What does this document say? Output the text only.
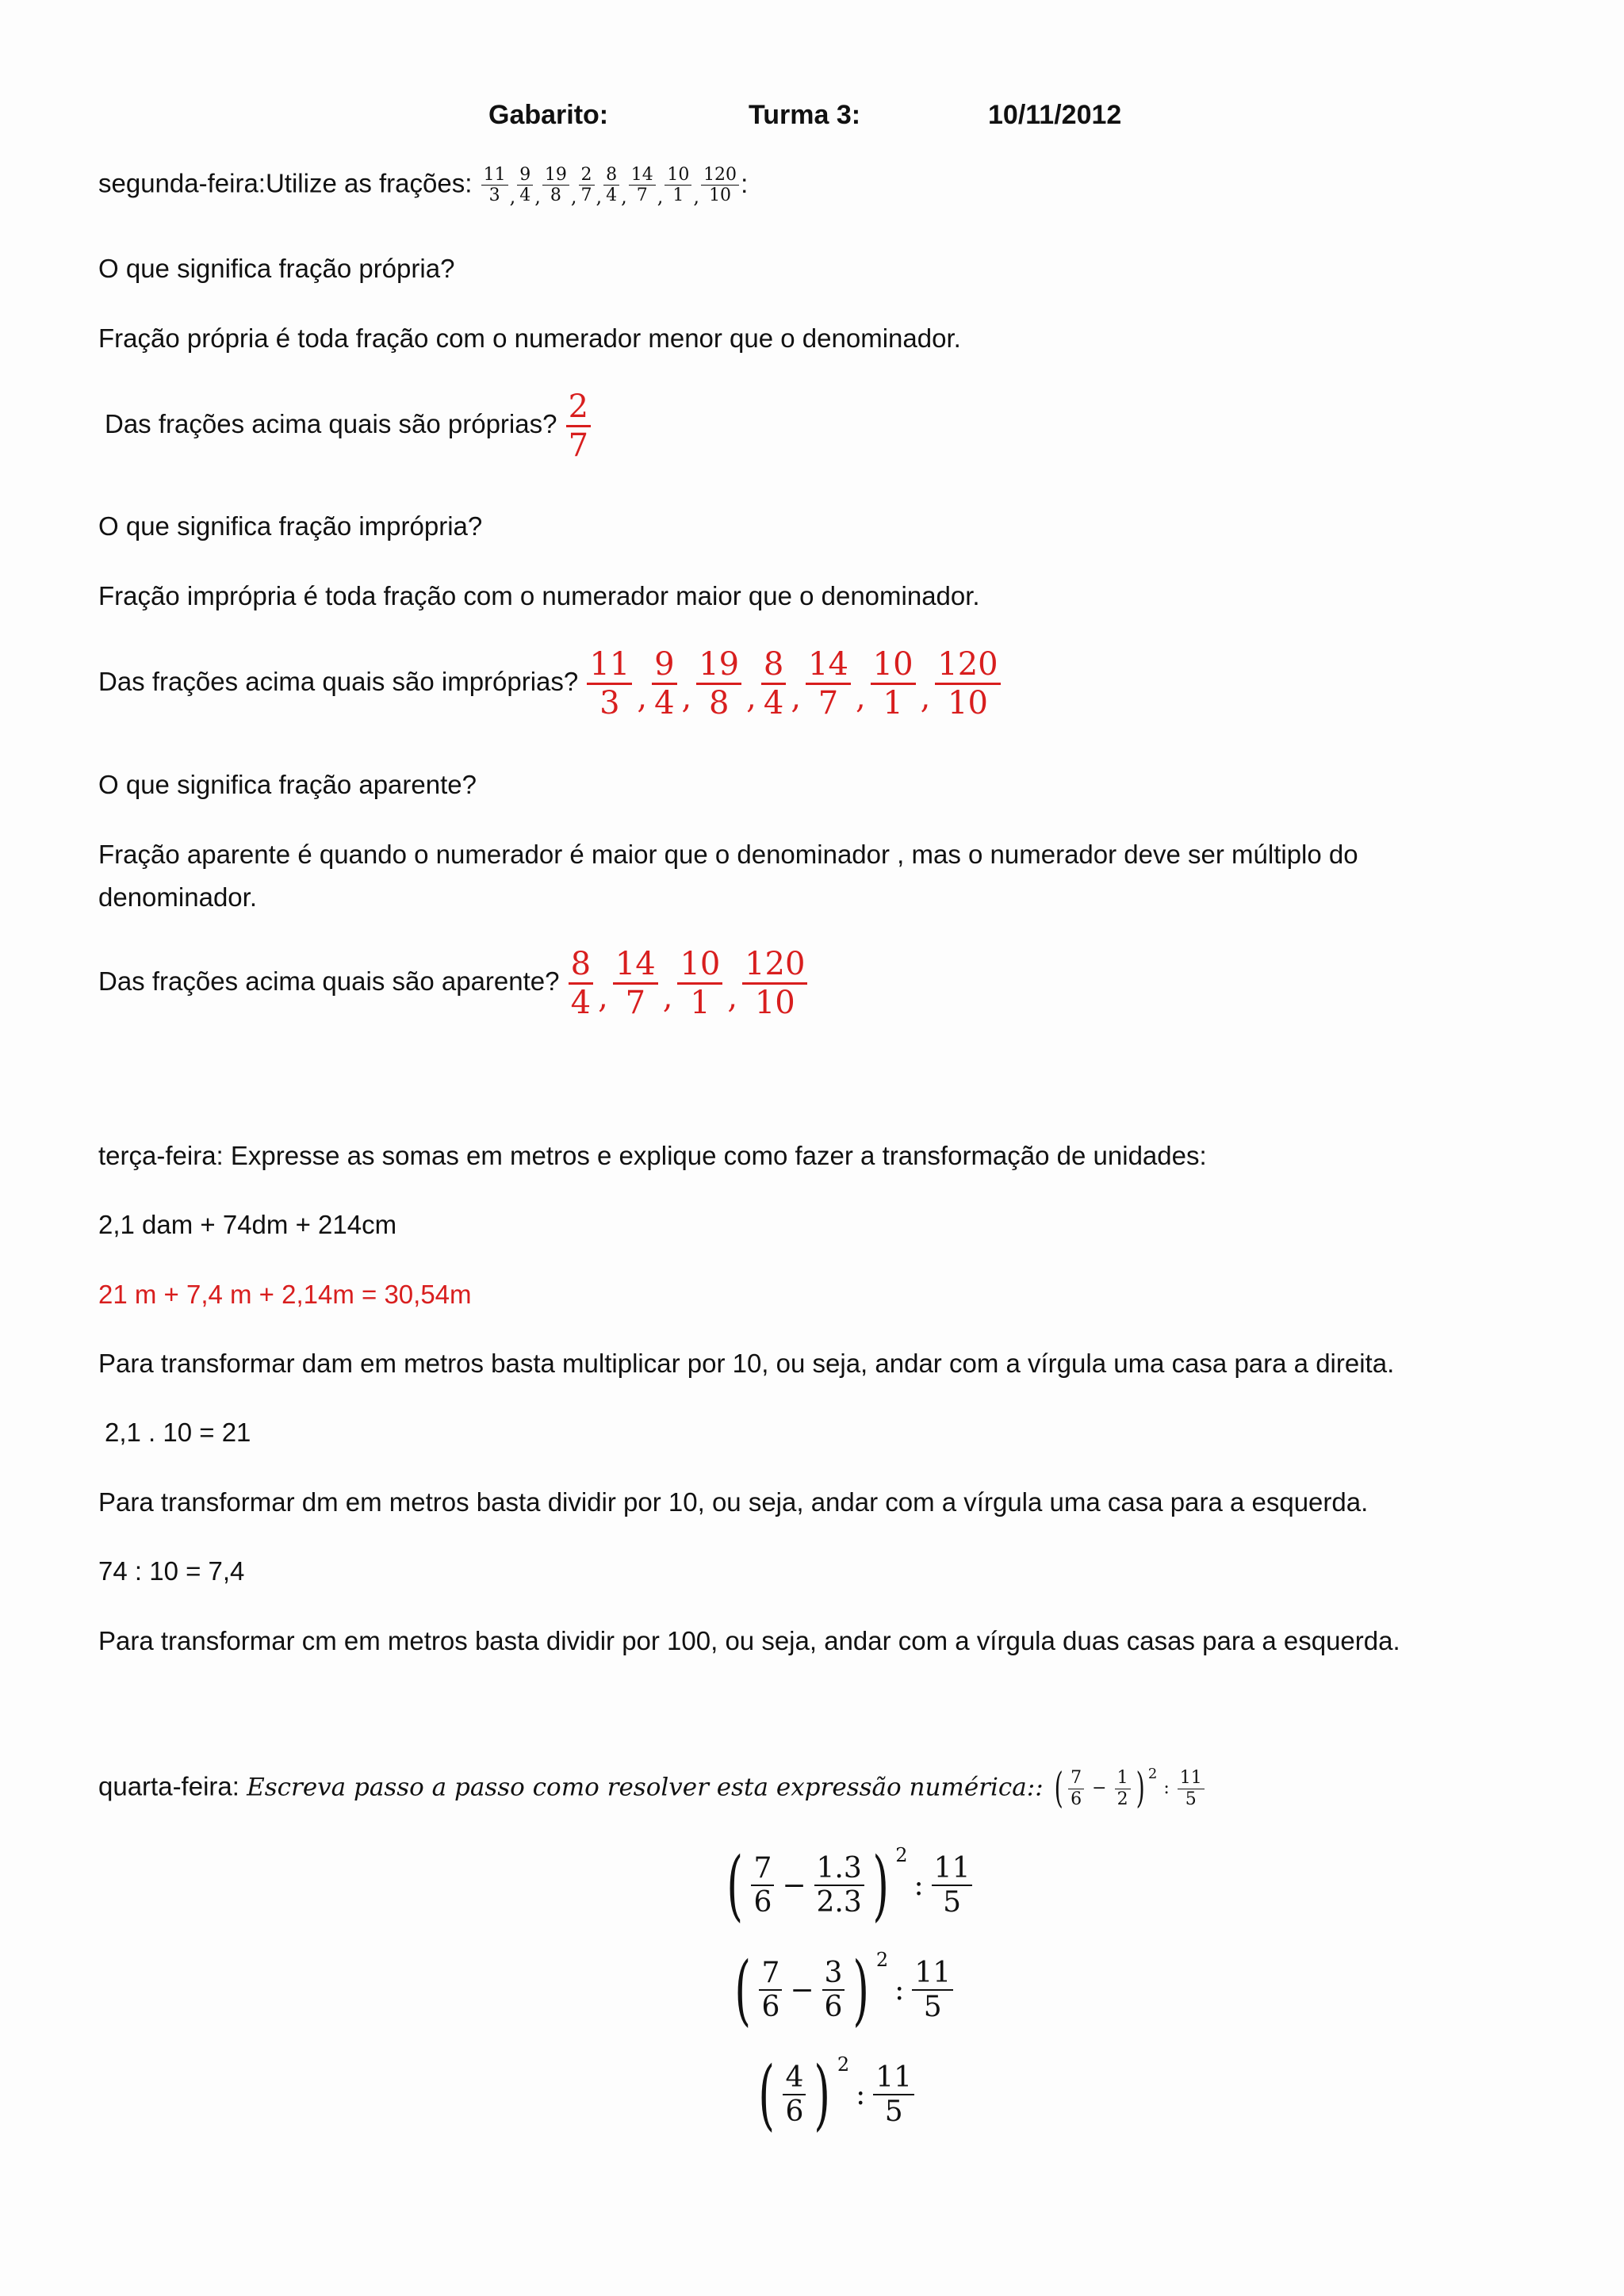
Gabarito:	Turma 3:	10/11/2012
segunda-feira:Utilize as frações: $\frac{11}{3}$ , $\frac{9}{4}$ , $\frac{19}{8}$ , $\frac{2}{7}$ , $\frac{8}{4}$ , $\frac{14}{7}$ , $\frac{10}{1}$ , $\frac{120}{10}$ :
O que significa fração própria?
Fração própria é toda fração com o numerador menor que o denominador.
Das frações acima quais são próprias? $\frac{2}{7}$
O que significa fração imprópria?
Fração imprópria é toda fração com o numerador maior que o denominador.
Das frações acima quais são impróprias? $\frac{11}{3}$ , $\frac{9}{4}$ , $\frac{19}{8}$ , $\frac{8}{4}$ , $\frac{14}{7}$ , $\frac{10}{1}$ , $\frac{120}{10}$
O que significa fração aparente?
Fração aparente é quando o numerador é maior que o denominador , mas o numerador deve ser múltiplo do
denominador.
Das frações acima quais são aparente? $\frac{8}{4}$ , $\frac{14}{7}$ , $\frac{10}{1}$ , $\frac{120}{10}$
terça-feira: Expresse as somas em metros e explique como fazer a transformação de unidades:
2,1 dam + 74dm + 214cm
21 m + 7,4 m + 2,14m = 30,54m
Para transformar dam em metros basta multiplicar por 10, ou seja, andar com a vírgula uma casa para a direita.
2,1 . 10 = 21
Para transformar dm em metros basta dividir por 10, ou seja, andar com a vírgula uma casa para a esquerda.
74 : 10 = 7,4
Para transformar cm em metros basta dividir por 100, ou seja, andar com a vírgula duas casas para a esquerda.
quarta-feira: Escreva passo a passo como resolver esta expressão numérica:: ( $\frac{7}{6} - \frac{1}{2}$ ) 2
: $\frac{11}{5}$
( $\frac{7}{6} - \frac{1.3}{2.3}$ ) 2
: $\frac{11}{5}$
( $\frac{7}{6} - \frac{3}{6}$ ) 2
: $\frac{11}{5}$
( $\frac{4}{6}$ ) 2
: $\frac{11}{5}$
